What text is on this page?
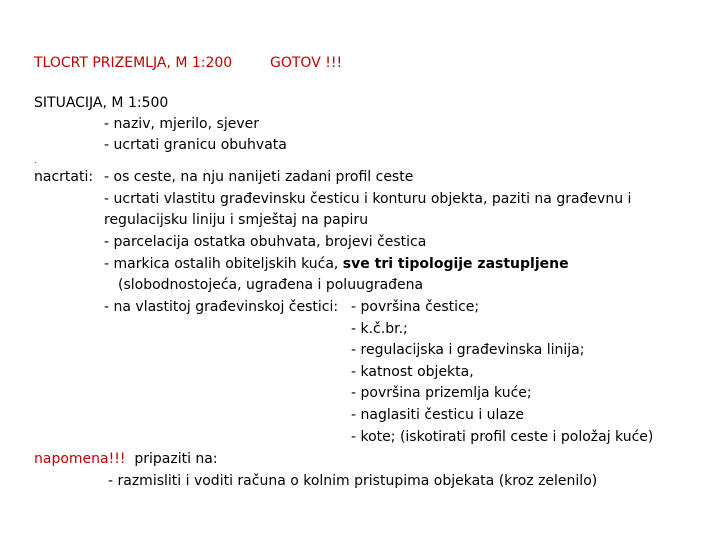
TLOCRT PRIZEMLJA, M 1:200	GOTOV !!!
SITUACIJA, M 1:500
- naziv, mjerilo, sjever
- ucrtati granicu obuhvata
.
nacrtati: - os ceste, na nju nanijeti zadani profil ceste
- ucrtati vlastitu građevinsku česticu i konturu objekta, paziti na građevnu i
regulacijsku liniju i smještaj na papiru
- parcelacija ostatka obuhvata, brojevi čestica
- markica ostalih obiteljskih kuća, sve tri tipologije zastupljene
(slobodnostojeća, ugrađena i poluugrađena
- na vlastitoj građevinskoj čestici: - površina čestice;
- k.č.br.;
- regulacijska i građevinska linija;
- katnost objekta,
- površina prizemlja kuće;
- naglasiti česticu i ulaze
- kote; (iskotirati profil ceste i položaj kuće)
napomena!!! pripaziti na:
- razmisliti i voditi računa o kolnim pristupima objekata (kroz zelenilo)
